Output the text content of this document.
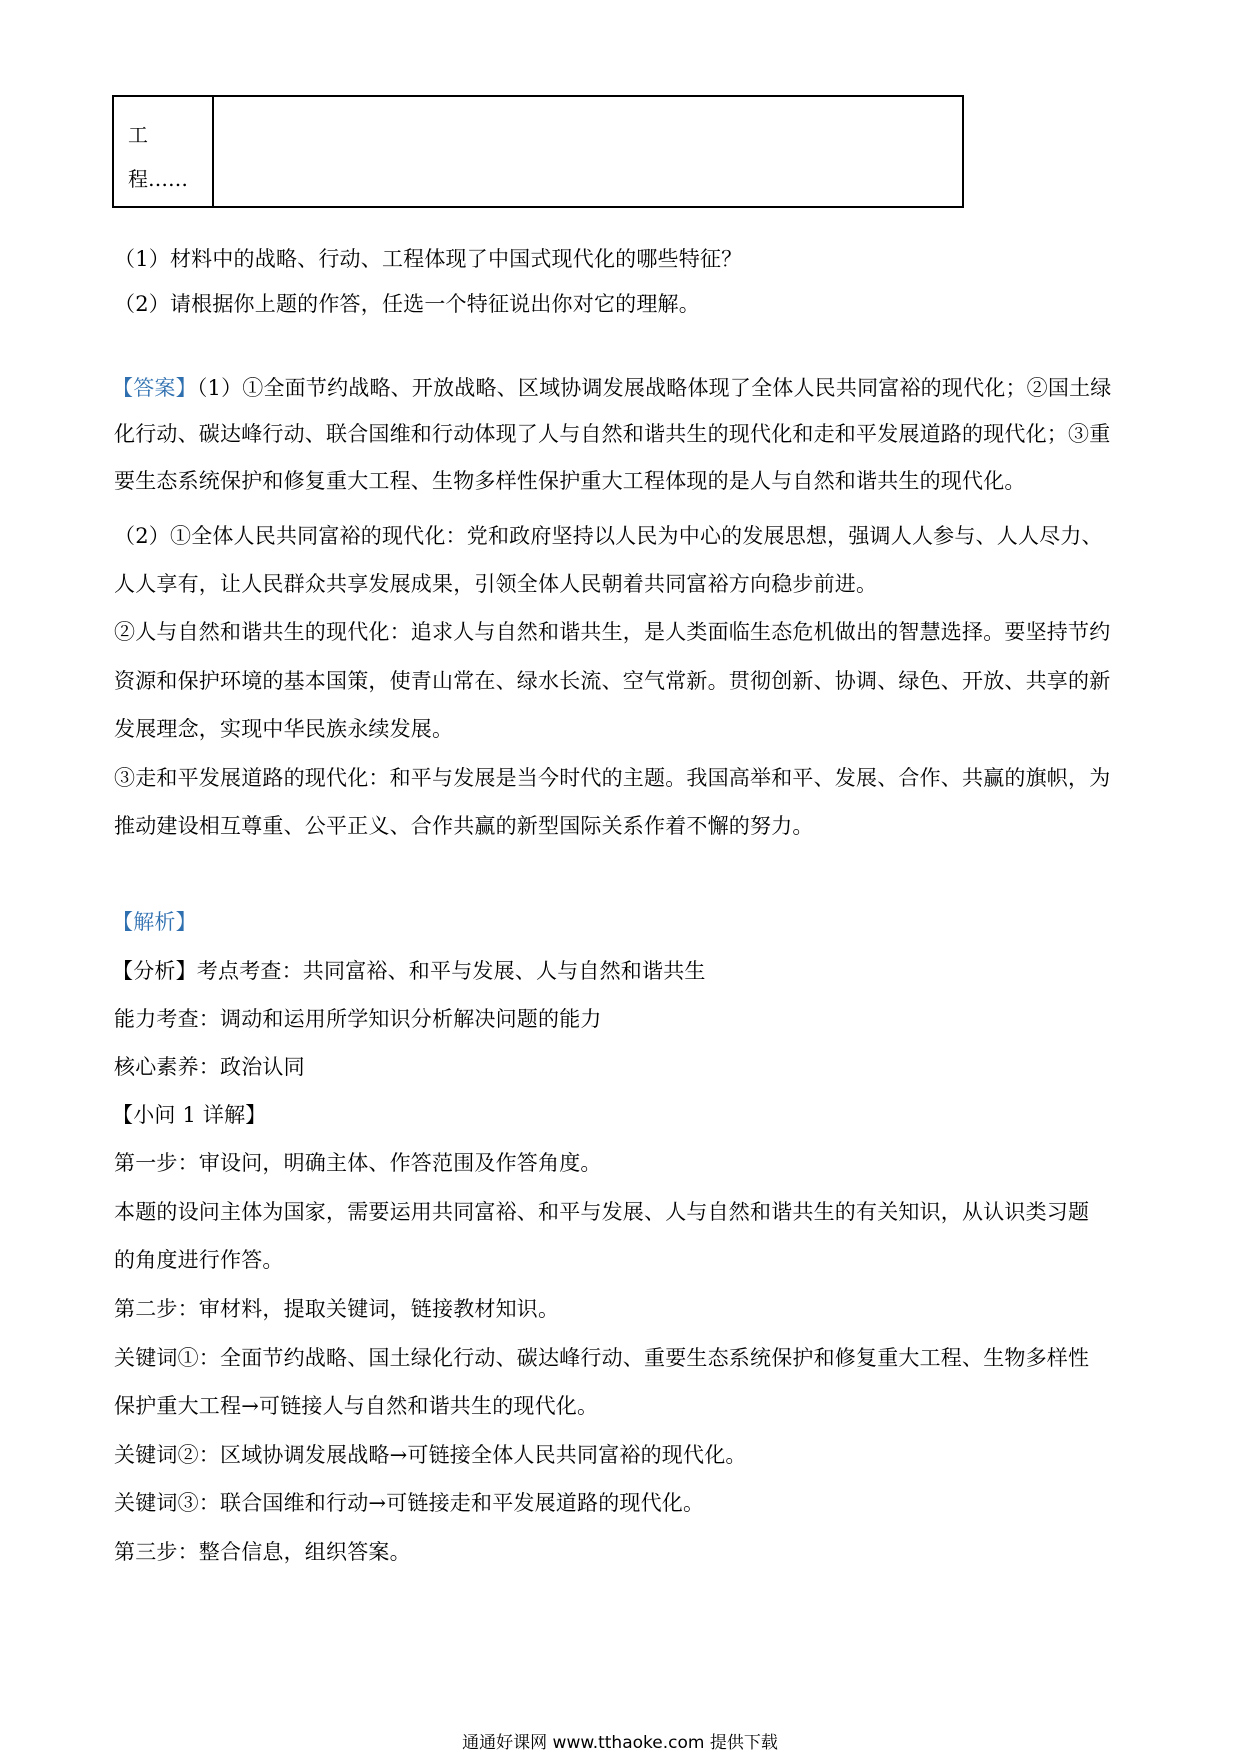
工
程……
（1）材料中的战略、行动、工程体现了中国式现代化的哪些特征？
（2）请根据你上题的作答，任选一个特征说出你对它的理解。
【答案】（1）①全面节约战略、开放战略、区域协调发展战略体现了全体人民共同富裕的现代化；②国土绿
化行动、碳达峰行动、联合国维和行动体现了人与自然和谐共生的现代化和走和平发展道路的现代化；③重
要生态系统保护和修复重大工程、生物多样性保护重大工程体现的是人与自然和谐共生的现代化。
（2）①全体人民共同富裕的现代化：党和政府坚持以人民为中心的发展思想，强调人人参与、人人尽力、
人人享有，让人民群众共享发展成果，引领全体人民朝着共同富裕方向稳步前进。
②人与自然和谐共生的现代化：追求人与自然和谐共生，是人类面临生态危机做出的智慧选择。要坚持节约
资源和保护环境的基本国策，使青山常在、绿水长流、空气常新。贯彻创新、协调、绿色、开放、共享的新
发展理念，实现中华民族永续发展。
③走和平发展道路的现代化：和平与发展是当今时代的主题。我国高举和平、发展、合作、共赢的旗帜，为
推动建设相互尊重、公平正义、合作共赢的新型国际关系作着不懈的努力。
【解析】
【分析】考点考查：共同富裕、和平与发展、人与自然和谐共生
能力考查：调动和运用所学知识分析解决问题的能力
核心素养：政治认同
【小问 1 详解】
第一步：审设问，明确主体、作答范围及作答角度。
本题的设问主体为国家，需要运用共同富裕、和平与发展、人与自然和谐共生的有关知识，从认识类习题
的角度进行作答。
第二步：审材料，提取关键词，链接教材知识。
关键词①：全面节约战略、国土绿化行动、碳达峰行动、重要生态系统保护和修复重大工程、生物多样性
保护重大工程→可链接人与自然和谐共生的现代化。
关键词②：区域协调发展战略→可链接全体人民共同富裕的现代化。
关键词③：联合国维和行动→可链接走和平发展道路的现代化。
第三步：整合信息，组织答案。
通通好课网 www.tthaoke.com 提供下载
